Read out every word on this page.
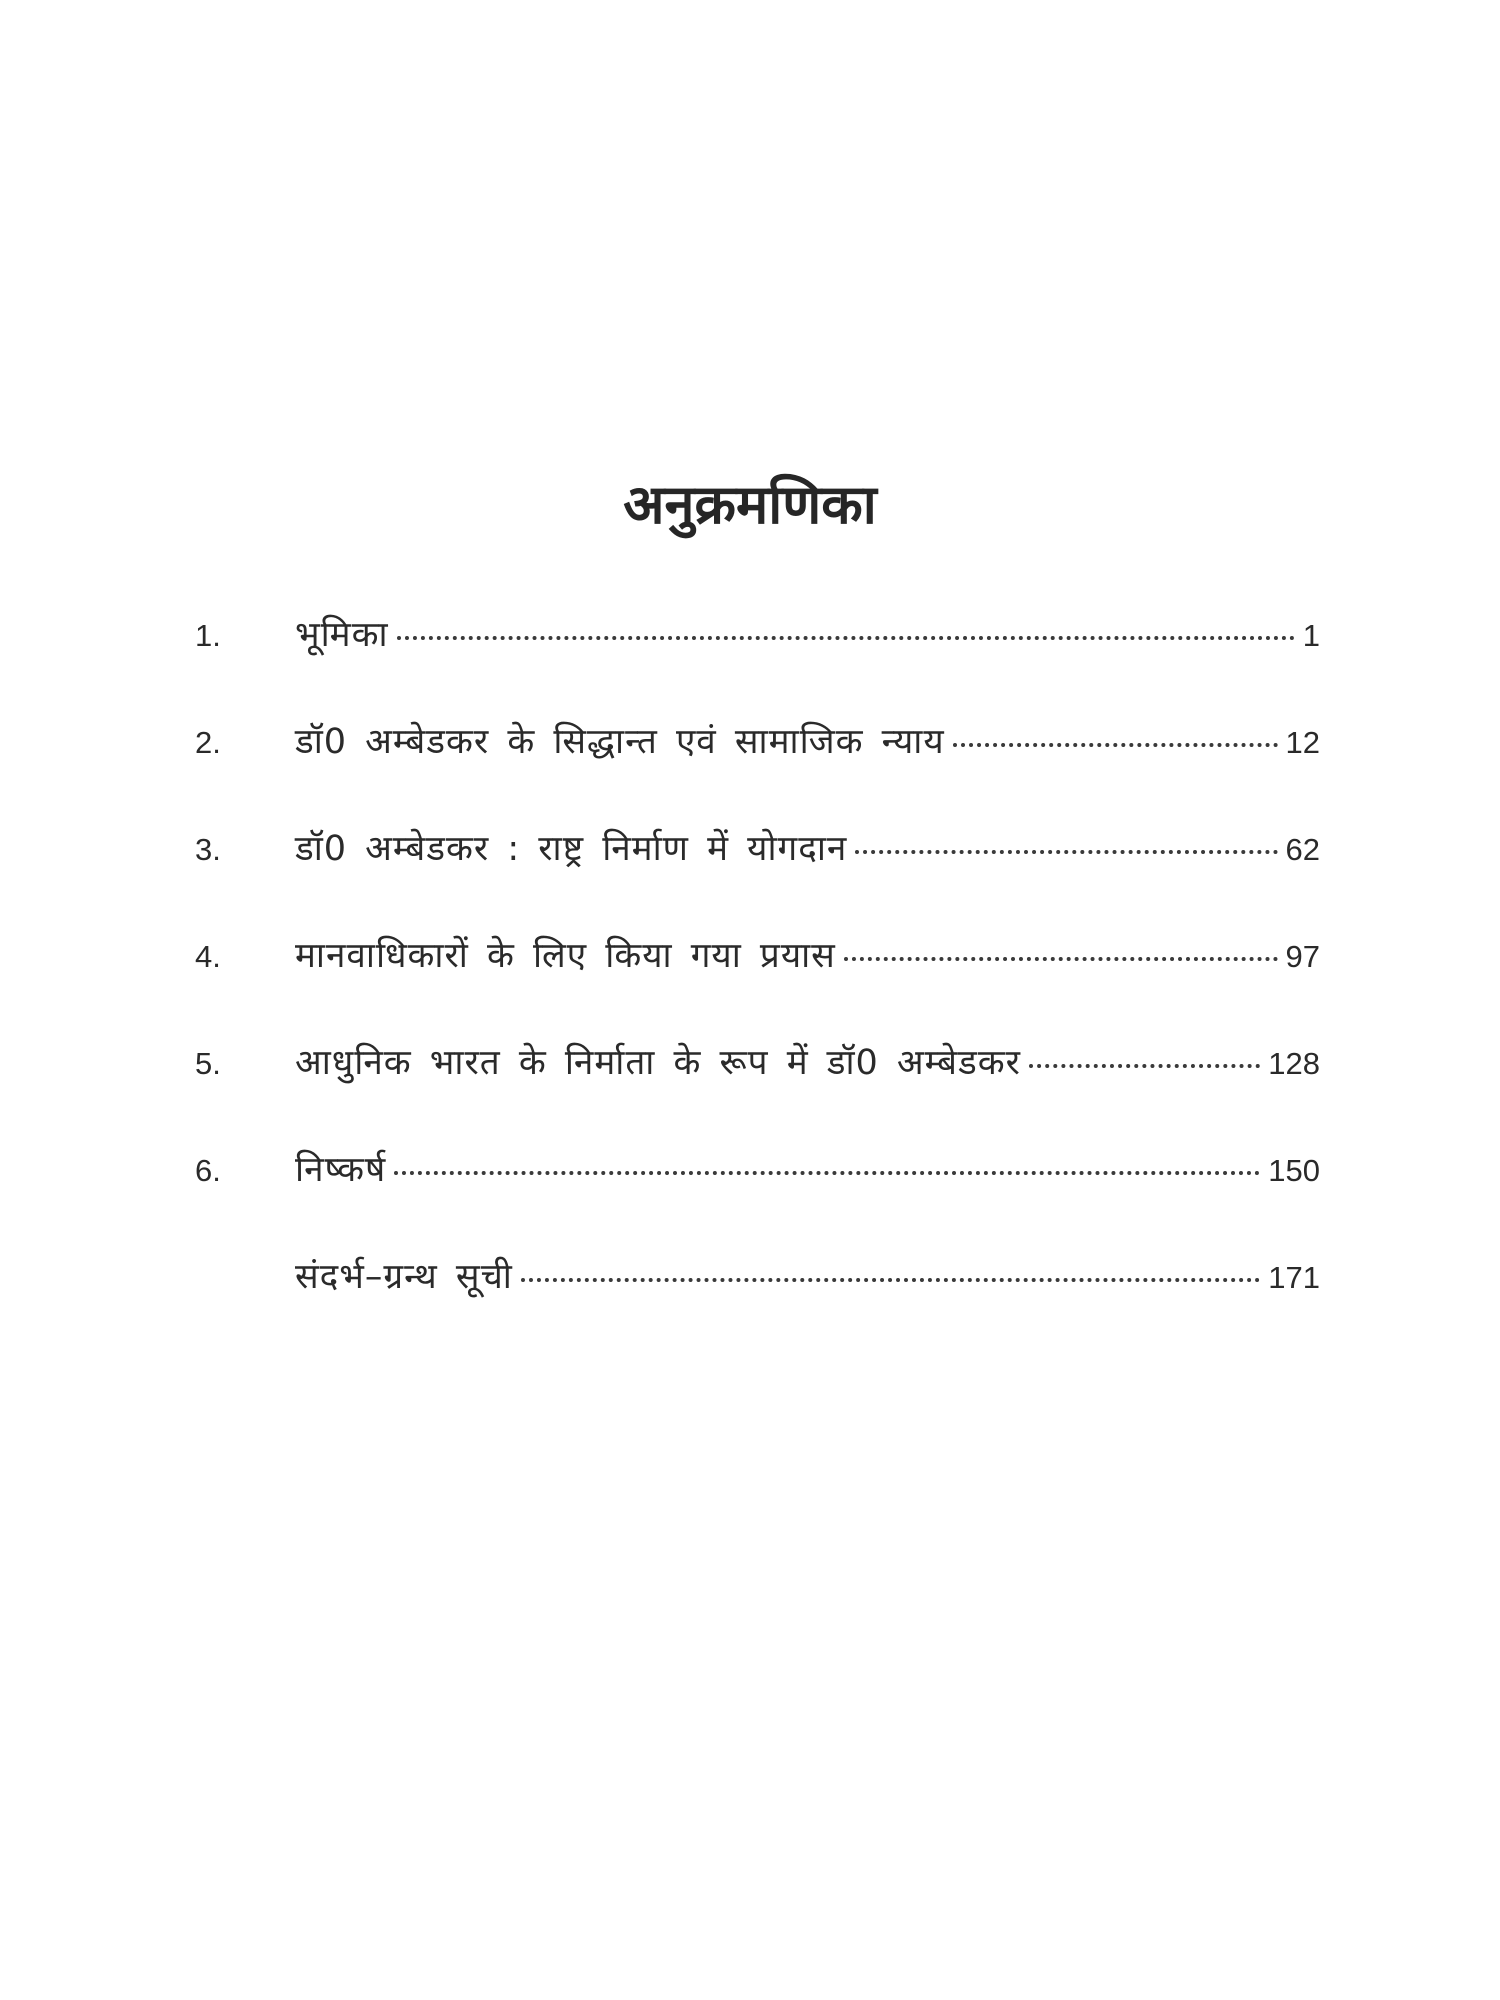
अनुक्रमणिका
1.	भूमिका	1
2.	डॉ0 अम्बेडकर के सिद्धान्त एवं सामाजिक न्याय	12
3.	डॉ0 अम्बेडकर : राष्ट्र निर्माण में योगदान	62
4.	मानवाधिकारों के लिए किया गया प्रयास	97
5.	आधुनिक भारत के निर्माता के रूप में डॉ0 अम्बेडकर	128
6.	निष्कर्ष	150
संदर्भ–ग्रन्थ सूची	171
